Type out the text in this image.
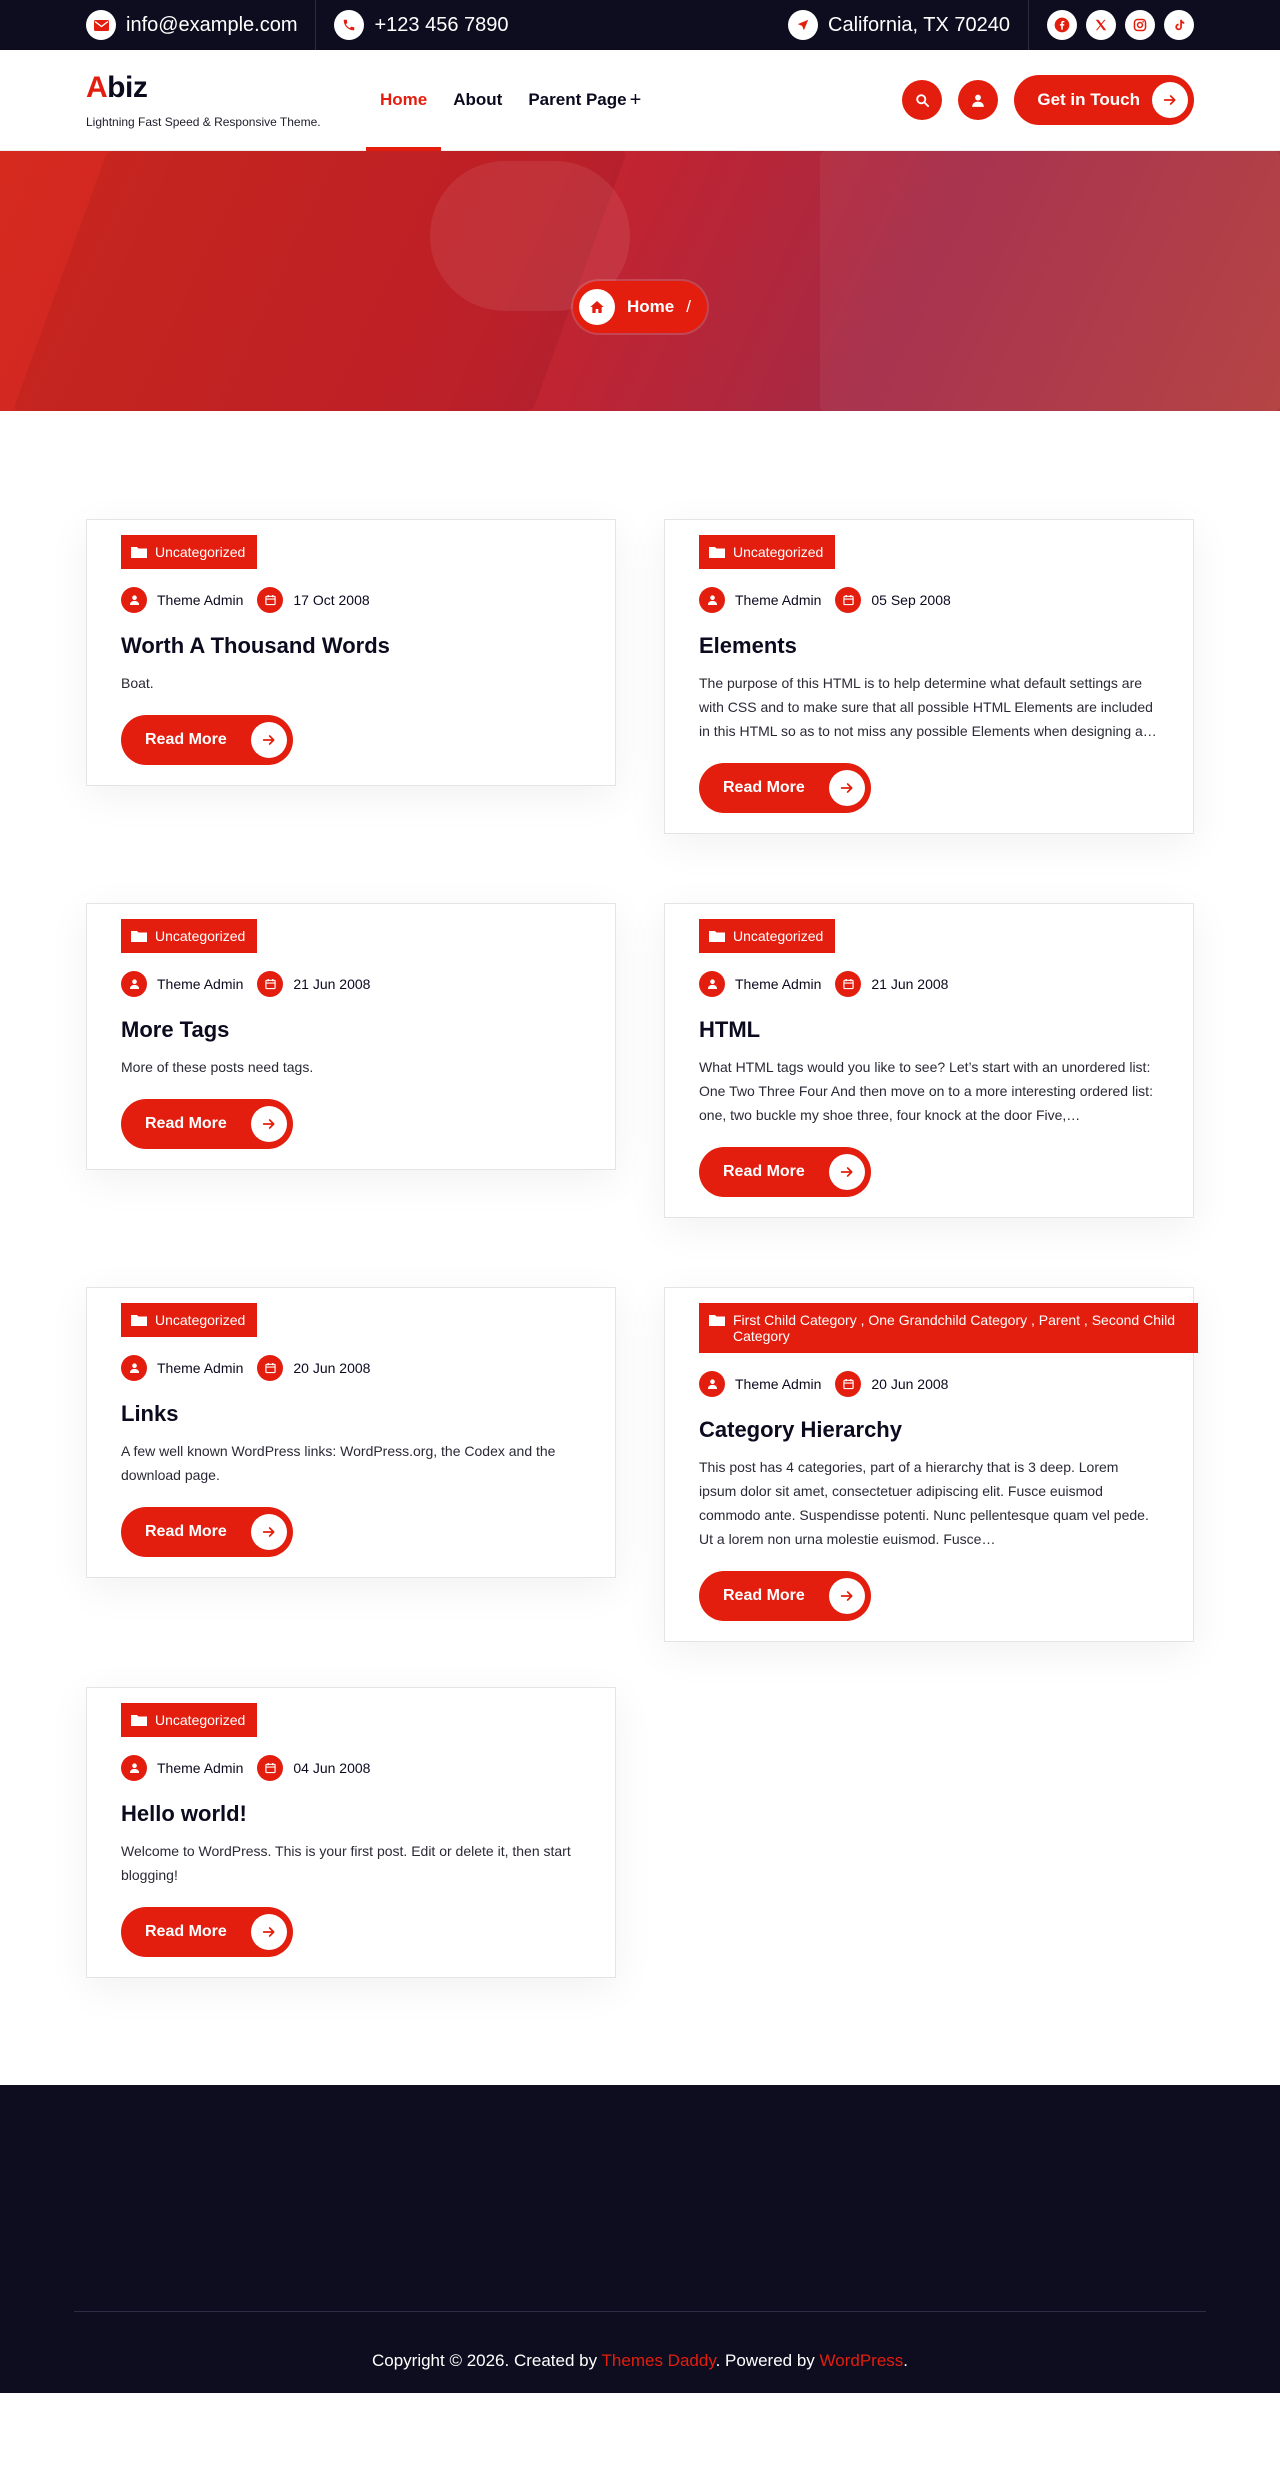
info@example.com	+123 456 7890	California, TX 70240
Abiz
Lightning Fast Speed & Responsive Theme.
Home	About Parent Page +	Get in Touch
Home /
Uncategorized
Theme Admin	17 Oct 2008
Worth A Thousand Words
Boat.
Read More
Uncategorized
Theme Admin	05 Sep 2008
Elements
The purpose of this HTML is to help determine what default settings are with CSS and to make sure that all possible HTML Elements are included in this HTML so as to not miss any possible Elements when designing a…
Read More
Uncategorized
Theme Admin	21 Jun 2008
More Tags
More of these posts need tags.
Read More
Uncategorized
Theme Admin	21 Jun 2008
HTML
What HTML tags would you like to see? Let’s start with an unordered list: One Two Three Four And then move on to a more interesting ordered list: one, two buckle my shoe three, four knock at the door Five,…
Read More
Uncategorized
Theme Admin	20 Jun 2008
Links
A few well known WordPress links: WordPress.org, the Codex and the download page.
Read More
First Child Category , One Grandchild Category , Parent , Second Child Category
Theme Admin	20 Jun 2008
Category Hierarchy
This post has 4 categories, part of a hierarchy that is 3 deep. Lorem ipsum dolor sit amet, consectetuer adipiscing elit. Fusce euismod commodo ante. Suspendisse potenti. Nunc pellentesque quam vel pede. Ut a lorem non urna molestie euismod. Fusce…
Read More
Uncategorized
Theme Admin	04 Jun 2008
Hello world!
Welcome to WordPress. This is your first post. Edit or delete it, then start blogging!
Read More
Copyright © 2026. Created by Themes Daddy. Powered by WordPress.
